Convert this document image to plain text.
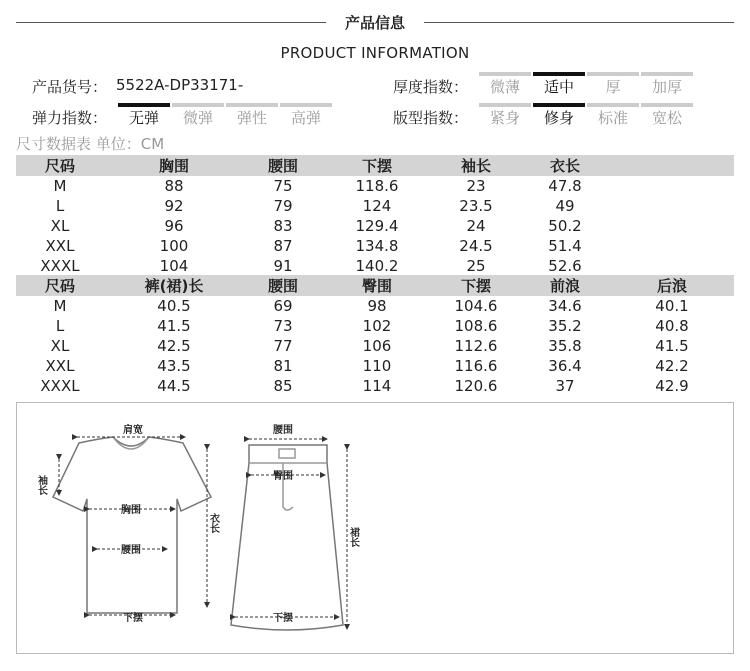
产品信息
PRODUCT INFORMATION
产品货号： 5522A-DP33171-
弹力指数：	无弹	微弹	弹性	高弹
厚度指数：	微薄	适中	厚	加厚
版型指数：	紧身	修身	标准	宽松
尺寸数据表 单位：CM
尺码	胸围	腰围	下摆	袖长	衣长	
M	88	75	118.6	23	47.8	
L	92	79	124	23.5	49	
XL	96	83	129.4	24	50.2	
XXL	100	87	134.8	24.5	51.4	
XXXL	104	91	140.2	25	52.6	
尺码	裤(裙)长	腰围	臀围	下摆	前浪	后浪
M	40.5	69	98	104.6	34.6	40.1
L	41.5	73	102	108.6	35.2	40.8
XL	42.5	77	106	112.6	35.8	41.5
XXL	43.5	81	110	116.6	36.4	42.2
XXXL	44.5	85	114	120.6	37	42.9
肩宽
袖长
胸围
腰围
衣长
下摆
腰围
臀围
裙长
下摆
